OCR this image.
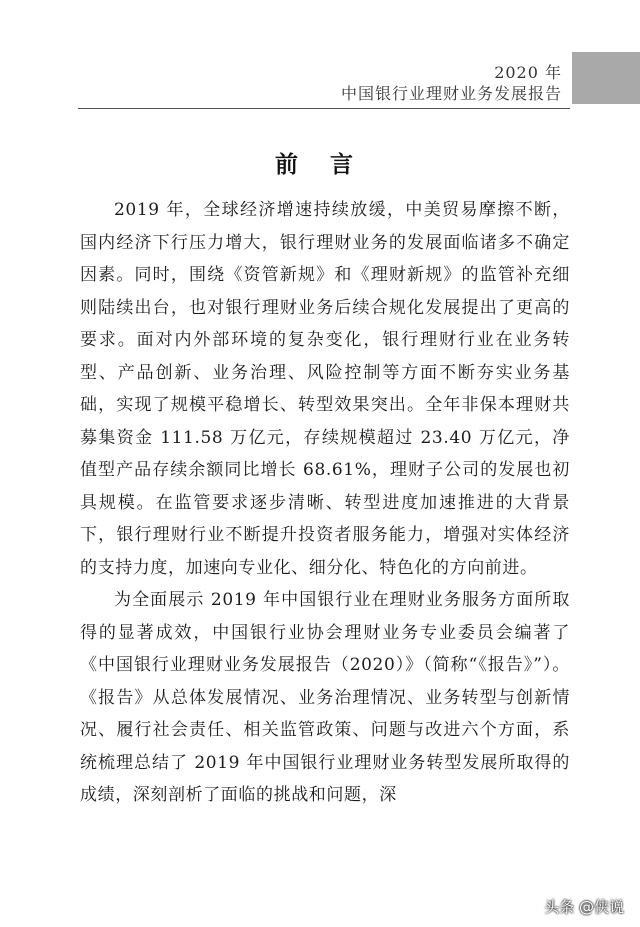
2020 年
中国银行业理财业务发展报告
前 言

2019 年，全球经济增速持续放缓，中美贸易摩擦不断，国内经济下行压力增大，银行理财业务的发展面临诸多不确定因素。同时，围绕《资管新规》和《理财新规》的监管补充细则陆续出台，也对银行理财业务后续合规化发展提出了更高的要求。面对内外部环境的复杂变化，银行理财行业在业务转型、产品创新、业务治理、风险控制等方面不断夯实业务基础，实现了规模平稳增长、转型效果突出。全年非保本理财共募集资金 111.58 万亿元，存续规模超过 23.40 万亿元，净值型产品存续余额同比增长 68.61%，理财子公司的发展也初具规模。在监管要求逐步清晰、转型进度加速推进的大背景下，银行理财行业不断提升投资者服务能力，增强对实体经济的支持力度，加速向专业化、细分化、特色化的方向前进。

为全面展示 2019 年中国银行业在理财业务服务方面所取得的显著成效，中国银行业协会理财业务专业委员会编著了《中国银行业理财业务发展报告（2020）》（简称“《报告》”）。《报告》从总体发展情况、业务治理情况、业务转型与创新情况、履行社会责任、相关监管政策、问题与改进六个方面，系统梳理总结了 2019 年中国银行业理财业务转型发展所取得的成绩，深刻剖析了面临的挑战和问题，深

头条 @侠说
